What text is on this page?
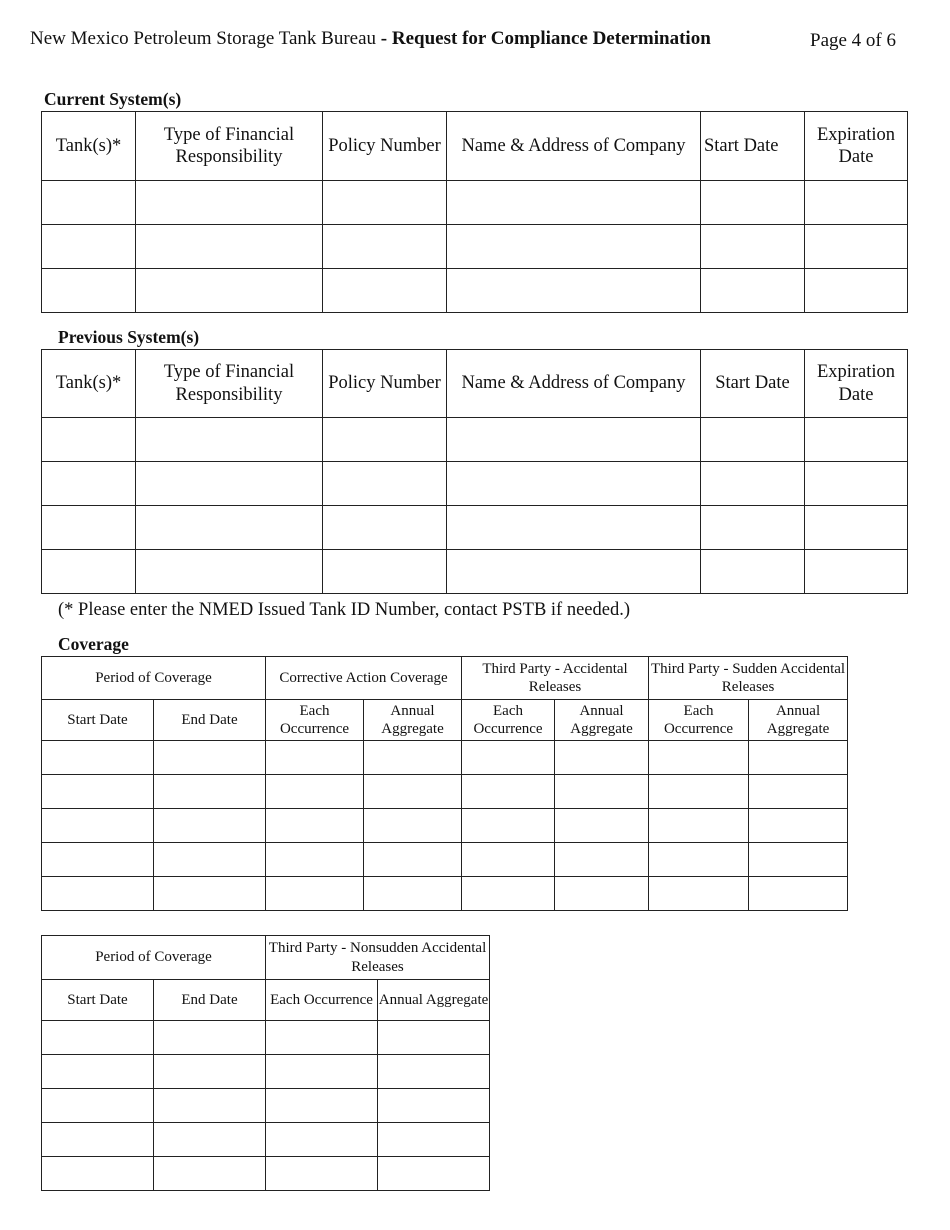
New Mexico Petroleum Storage Tank Bureau - Request for Compliance Determination	Page 4 of 6
Current System(s)
Tank(s)*	Type of Financial Responsibility	Policy Number	Name & Address of Company	Start Date	Expiration Date

Previous System(s)
Tank(s)*	Type of Financial Responsibility	Policy Number	Name & Address of Company	Start Date	Expiration Date

(* Please enter the NMED Issued Tank ID Number, contact PSTB if needed.)
Coverage
Period of Coverage		Corrective Action Coverage		Third Party - Accidental Releases		Third Party - Sudden Accidental Releases	
Start Date	End Date	Each Occurrence	Annual Aggregate	Each Occurrence	Annual Aggregate	Each Occurrence	Annual Aggregate

Period of Coverage		Third Party - Nonsudden Accidental Releases	
Start Date	End Date	Each Occurrence	Annual Aggregate
